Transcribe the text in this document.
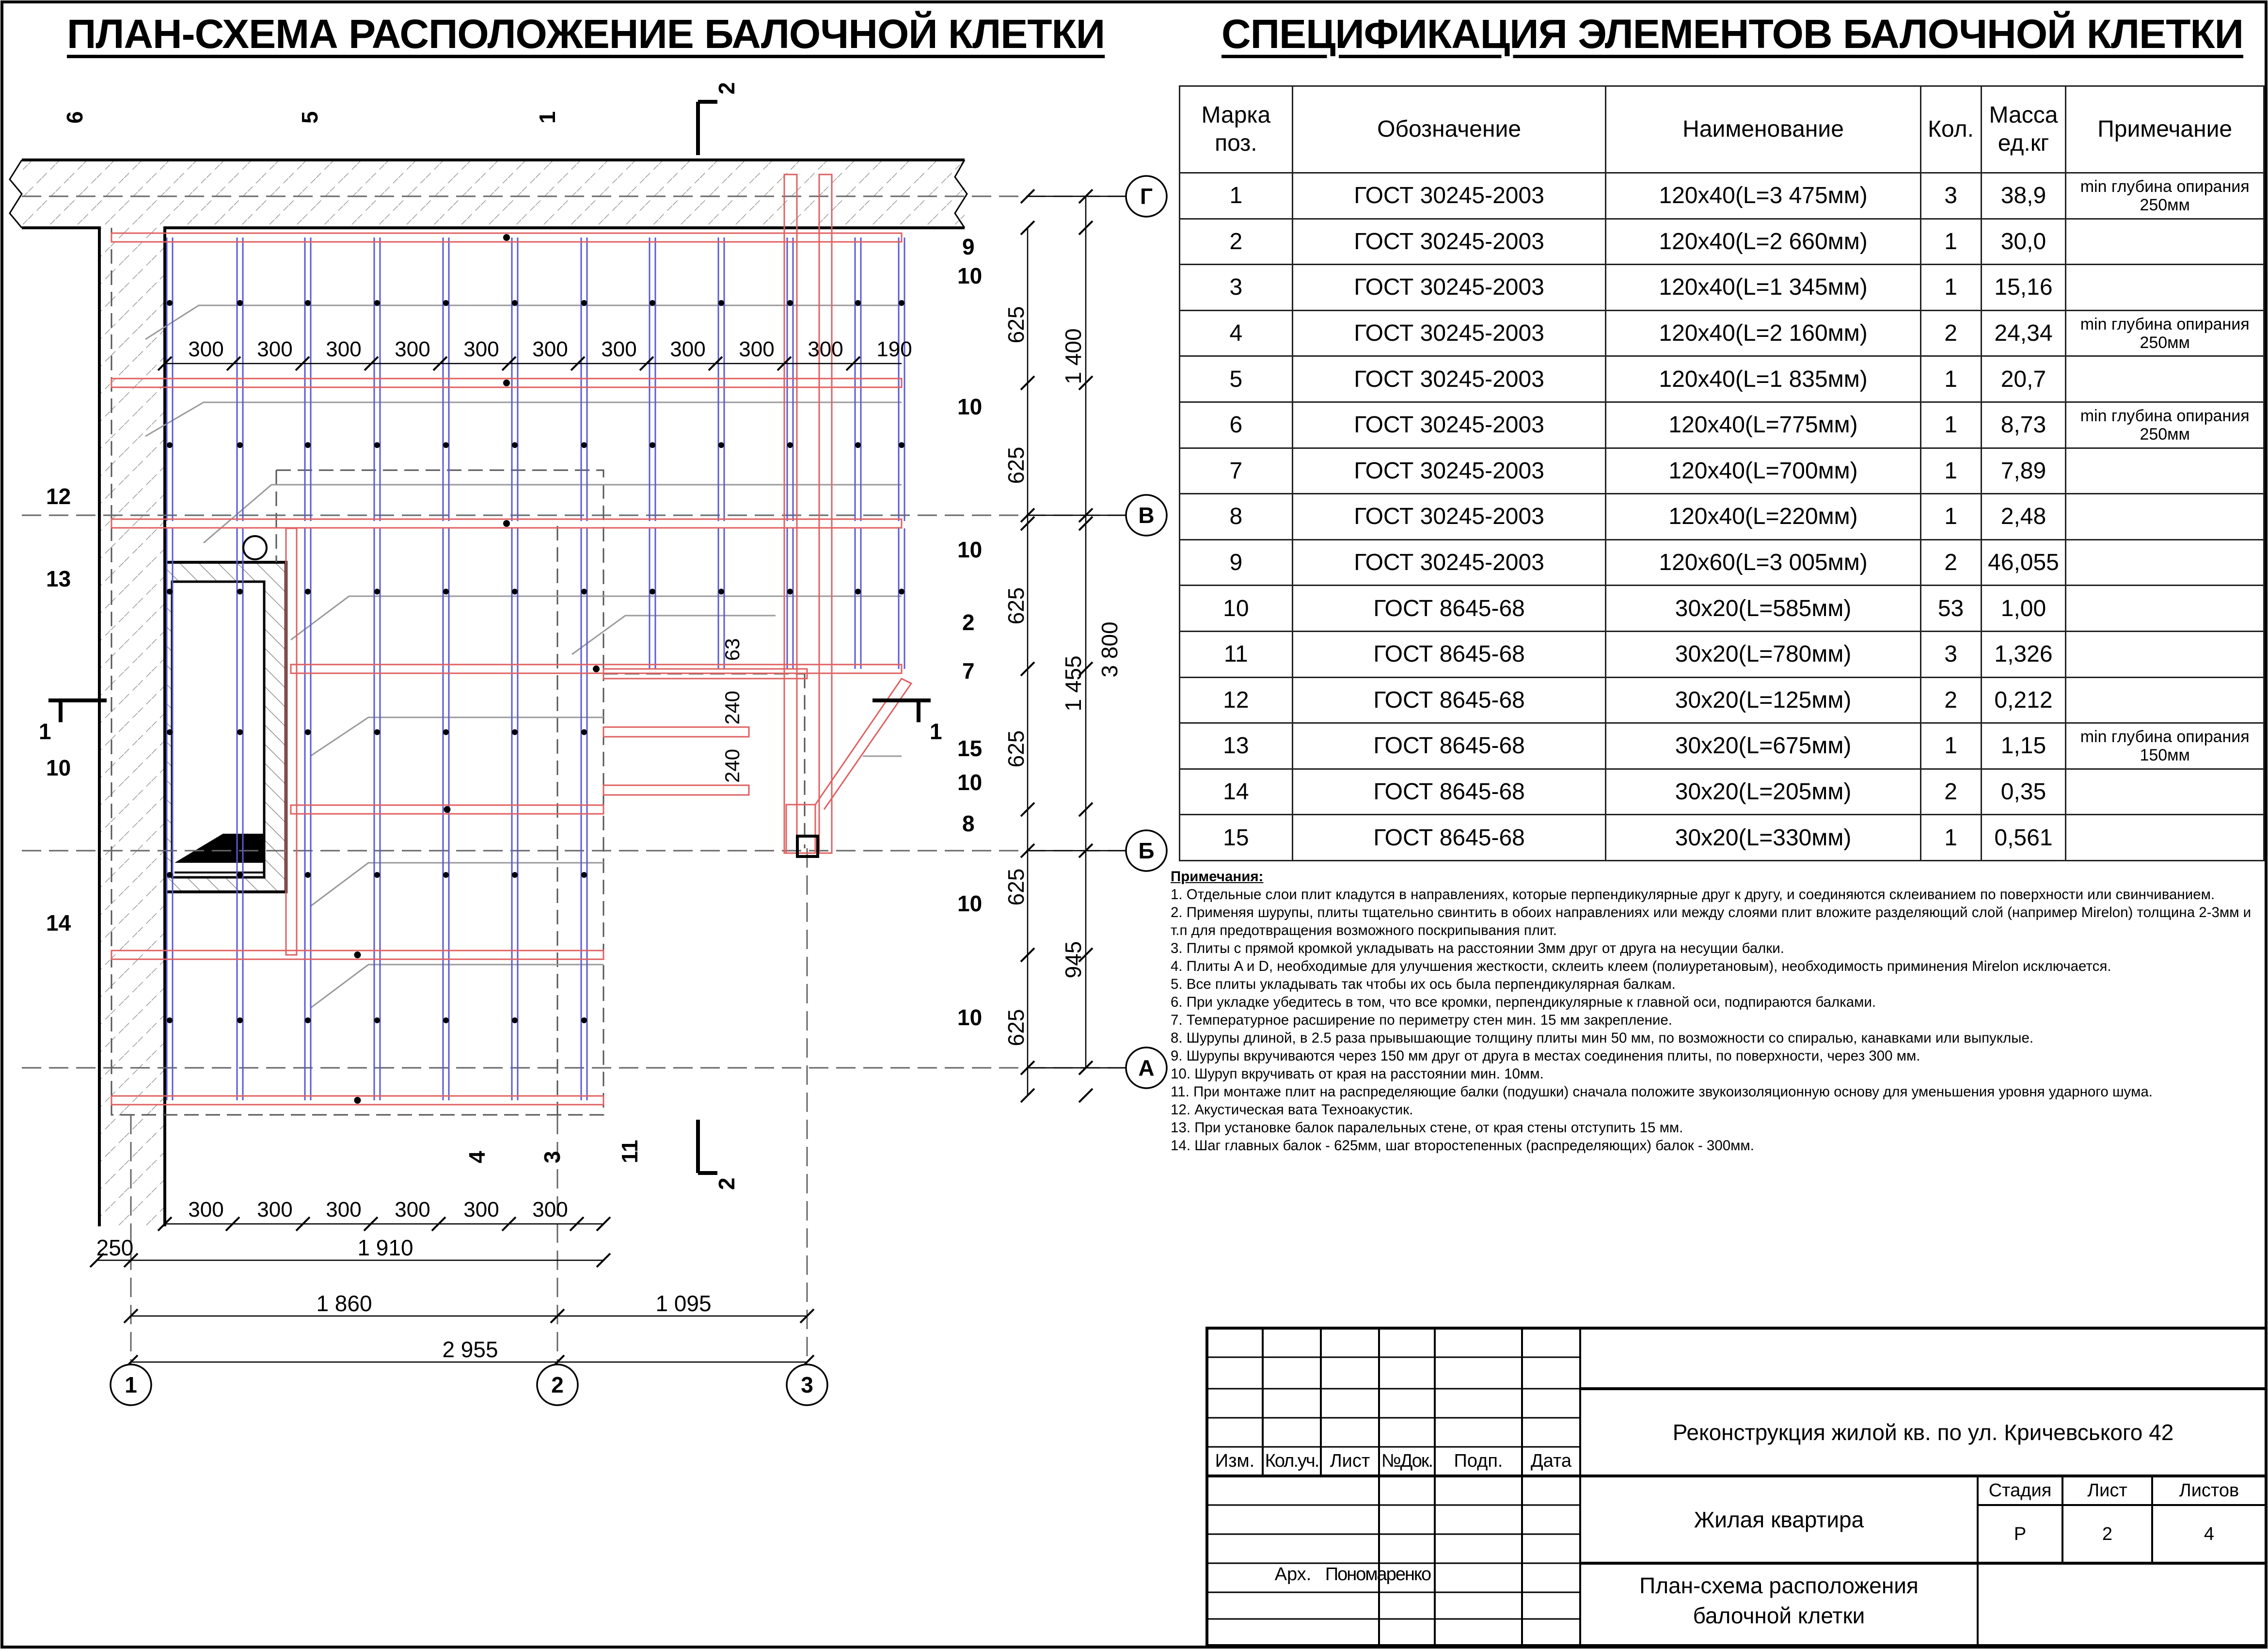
ПЛАН-СХЕМА РАСПОЛОЖЕНИЕ БАЛОЧНОЙ КЛЕТКИ	СПЕЦИФИКАЦИЯ ЭЛЕМЕНТОВ БАЛОЧНОЙ КЛЕТКИ
Г
В
Б
А
1	2	3
6	5	1
1	1
2
2
9
10
10
10
2
7
15
10
8
10
10
12
13
10
14
4 3 11
250	1 910
1 860	1 095
2 955
625
625
625
625
625
625
1 400
1 455
945
3 800
63
240
240
300 300 300 300 300 300 300 300 300 300 190
300 300 300 300 300 300
Изм. Кол.уч. Лист №Док.	Подп.	Дата
Арх. Пономаренко
Реконструкция жилой кв. по ул. Кричевського 42
Жилая квартира
План-схема расположения балочной клетки
Стадия	Лист	Листов
Р	2	4
Марка поз.	Обозначение	Наименование	Кол.	Масса ед.кг	Примечание
1	ГОСТ 30245-2003	120x40(L=3 475мм)	3	38,9	min глубина опирания 250мм
2	ГОСТ 30245-2003	120x40(L=2 660мм)	1	30,0	
3	ГОСТ 30245-2003	120x40(L=1 345мм)	1	15,16	
4	ГОСТ 30245-2003	120x40(L=2 160мм)	2	24,34	min глубина опирания 250мм
5	ГОСТ 30245-2003	120x40(L=1 835мм)	1	20,7	
6	ГОСТ 30245-2003	120x40(L=775мм)	1	8,73	min глубина опирания 250мм
7	ГОСТ 30245-2003	120x40(L=700мм)	1	7,89	
8	ГОСТ 30245-2003	120x40(L=220мм)	1	2,48	
9	ГОСТ 30245-2003	120x60(L=3 005мм)	2	46,055	
10	ГОСТ 8645-68	30x20(L=585мм)	53	1,00	
11	ГОСТ 8645-68	30x20(L=780мм)	3	1,326	
12	ГОСТ 8645-68	30x20(L=125мм)	2	0,212	
13	ГОСТ 8645-68	30x20(L=675мм)	1	1,15	min глубина опирания 150мм
14	ГОСТ 8645-68	30x20(L=205мм)	2	0,35	
15	ГОСТ 8645-68	30x20(L=330мм)	1	0,561	

Примечания:

1. Отдельные слои плит кладутся в направлениях, которые перпендикулярные друг к другу, и соединяются склеиванием по поверхности или свинчиванием.

2. Применяя шурупы, плиты тщательно свинтить в обоих направлениях или между слоями плит вложите разделяющий слой (например Mirelon) толщина 2-3мм и т.п для предотвращения возможного поскрипывания плит.

3. Плиты с прямой кромкой укладывать на расстоянии 3мм друг от друга на несущии балки.

4. Плиты A и D, необходимые для улучшения жесткости, склеить клеем (полиуретановым), необходимость приминения Mirelon исключается.

5. Все плиты укладывать так чтобы их ось была перпендикулярная балкам.

6. При укладке убедитесь в том, что все кромки, перпендикулярные к главной оси, подпираются балками.

7. Температурное расширение по периметру стен мин. 15 мм закрепление.

8. Шурупы длиной, в 2.5 раза прывышающие толщину плиты мин 50 мм, по возможности со спиралью, канавками или выпуклые.

9. Шурупы вкручиваются через 150 мм друг от друга в местах соединения плиты, по поверхности, через 300 мм.

10. Шуруп вкручивать от края на расстоянии мин. 10мм.

11. При монтаже плит на распределяющие балки (подушки) сначала положите звукоизоляционную основу для уменьшения уровня ударного шума.

12. Акустическая вата Техноакустик.

13. При установке балок паралельных стене, от края стены отступить 15 мм.

14. Шаг главных балок - 625мм, шаг второстепенных (распределяющих) балок - 300мм.
